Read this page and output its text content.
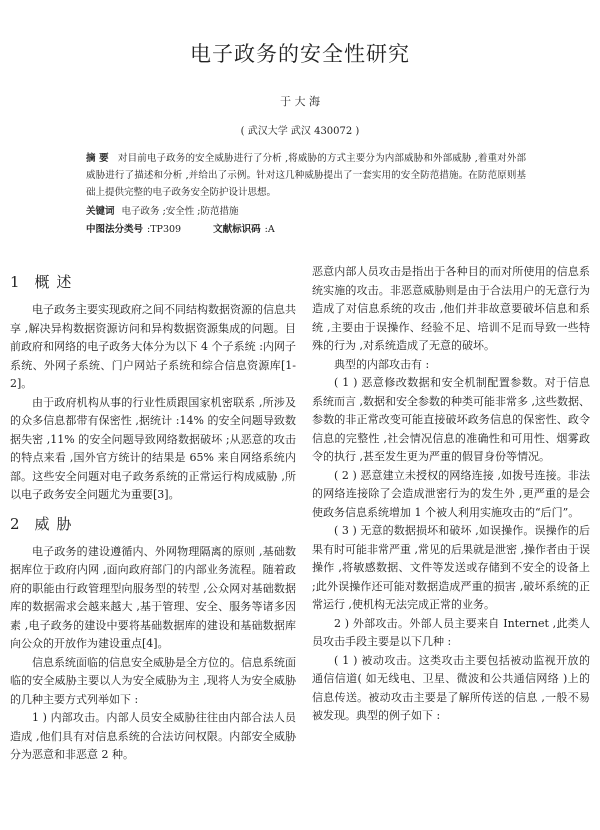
电子政务的安全性研究
于 大 海
( 武汉大学 武汉 430072 )
摘 要 对目前电子政务的安全威胁进行了分析 ,将威胁的方式主要分为内部威胁和外部威胁 ,着重对外部威胁进行了描述和分析 ,并给出了示例。针对这几种威胁提出了一套实用的安全防范措施。在防范原则基础上提供完整的电子政务安全防护设计思想。
关键词 电子政务 ;安全性 ;防范措施
中图法分类号 :TP309	文献标识码 :A
1 概 述

电子政务主要实现政府之间不同结构数据资源的信息共享 ,解决异构数据资源访问和异构数据资源集成的问题。目前政府和网络的电子政务大体分为以下 4 个子系统 :内网子系统、外网子系统、门户网站子系统和综合信息资源库[1-2]。

由于政府机构从事的行业性质跟国家机密联系 ,所涉及的众多信息都带有保密性 ,据统计 :14% 的安全问题导致数据失密 ,11% 的安全问题导致网络数据破坏 ;从恶意的攻击的特点来看 ,国外官方统计的结果是 65% 来自网络系统内部。这些安全问题对电子政务系统的正常运行构成威胁 ,所以电子政务安全问题尤为重要[3]。

2 威 胁

电子政务的建设遵循内、外网物理隔离的原则 ,基础数据库位于政府内网 ,面向政府部门的内部业务流程。随着政府的职能由行政管理型向服务型的转型 ,公众网对基础数据库的数据需求会越来越大 ,基于管理、安全、服务等诸多因素 ,电子政务的建设中要将基础数据库的建设和基础数据库向公众的开放作为建设重点[4]。

信息系统面临的信息安全威胁是全方位的。信息系统面临的安全威胁主要以人为安全威胁为主 ,现将人为安全威胁的几种主要方式列举如下 :

1 ) 内部攻击。内部人员安全威胁往往由内部合法人员造成 ,他们具有对信息系统的合法访问权限。内部安全威胁分为恶意和非恶意 2 种。

恶意内部人员攻击是指出于各种目的而对所使用的信息系统实施的攻击。非恶意威胁则是由于合法用户的无意行为造成了对信息系统的攻击 ,他们并非故意要破坏信息和系统 ,主要由于误操作、经验不足、培训不足而导致一些特殊的行为 ,对系统造成了无意的破坏。

典型的内部攻击有 :

( 1 ) 恶意修改数据和安全机制配置参数。对于信息系统而言 ,数据和安全参数的种类可能非常多 ,这些数据、参数的非正常改变可能直接破坏政务信息的保密性、政令信息的完整性 ,社会情况信息的准确性和可用性、烟雾政令的执行 ,甚至发生更为严重的假冒身份等情况。

( 2 ) 恶意建立未授权的网络连接 ,如拨号连接。非法的网络连接除了会造成泄密行为的发生外 ,更严重的是会使政务信息系统增加 1 个被人利用实施攻击的“后门”。

( 3 ) 无意的数据损坏和破坏 ,如误操作。误操作的后果有时可能非常严重 ,常见的后果就是泄密 ,操作者由于误操作 ,将敏感数据、文件等发送或存储到不安全的设备上 ;此外误操作还可能对数据造成严重的损害 ,破坏系统的正常运行 ,使机构无法完成正常的业务。

2 ) 外部攻击。外部人员主要来自 Internet ,此类人员攻击手段主要是以下几种 :

( 1 ) 被动攻击。这类攻击主要包括被动监视开放的通信信道( 如无线电、卫星、微波和公共通信网络 )上的信息传送。被动攻击主要是了解所传送的信息 ,一般不易被发现。典型的例子如下 :
